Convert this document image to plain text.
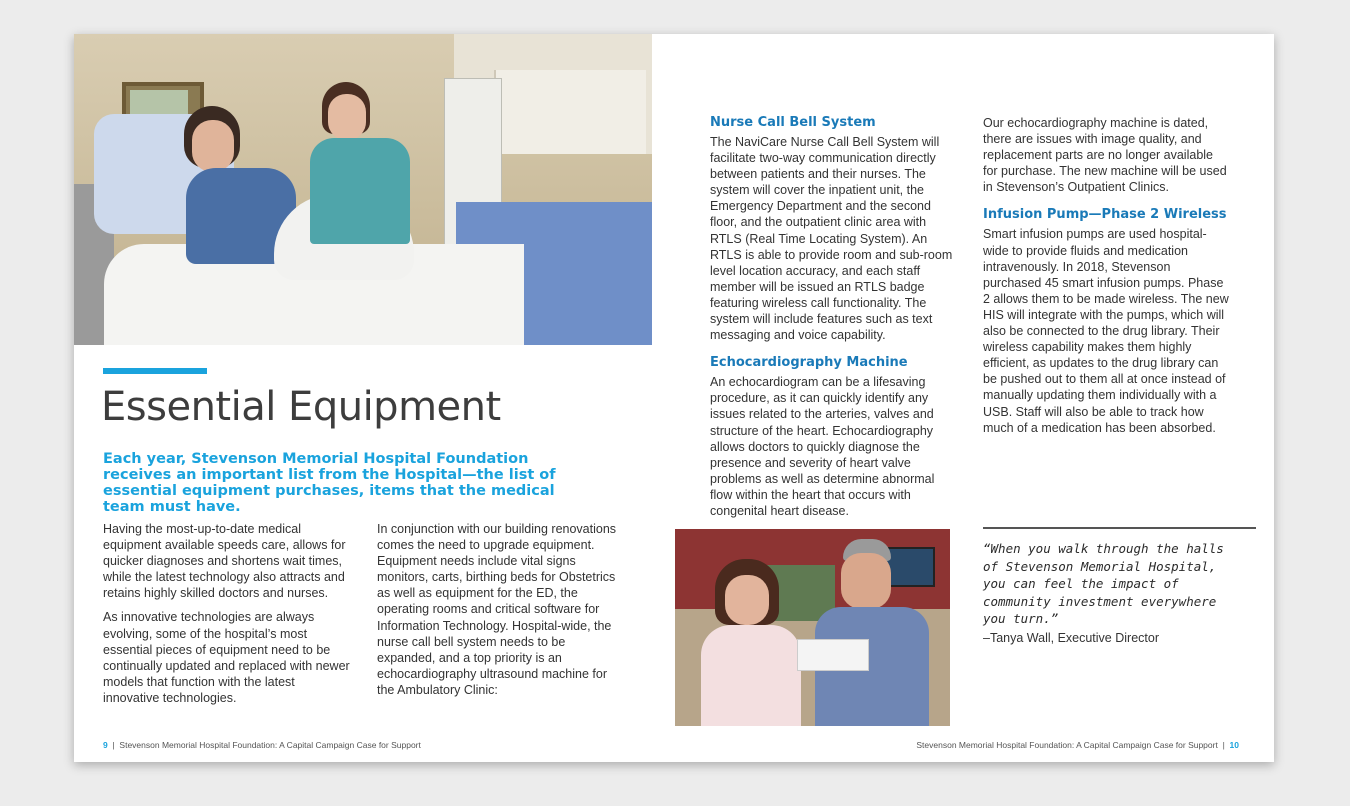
Essential Equipment

Each year, Stevenson Memorial Hospital Foundation receives an important list from the Hospital—the list of essential equipment purchases, items that the medical team must have.

Having the most-up-to-date medical equipment available speeds care, allows for quicker diagnoses and shortens wait times, while the latest technology also attracts and retains highly skilled doctors and nurses.

As innovative technologies are always evolving, some of the hospital’s most essential pieces of equipment need to be continually updated and replaced with newer models that function with the latest innovative technologies.

In conjunction with our building renovations comes the need to upgrade equipment. Equipment needs include vital signs monitors, carts, birthing beds for Obstetrics as well as equipment for the ED, the operating rooms and critical software for Information Technology. Hospital-wide, the nurse call bell system needs to be expanded, and a top priority is an echocardiography ultrasound machine for the Ambulatory Clinic:

9 | Stevenson Memorial Hospital Foundation: A Capital Campaign Case for Support
Nurse Call Bell System

The NaviCare Nurse Call Bell System will facilitate two-way communication directly between patients and their nurses. The system will cover the inpatient unit, the Emergency Department and the second floor, and the outpatient clinic area with RTLS (Real Time Locating System). An RTLS is able to provide room and sub-room level location accuracy, and each staff member will be issued an RTLS badge featuring wireless call functionality. The system will include features such as text messaging and voice capability.

Echocardiography Machine

An echocardiogram can be a lifesaving procedure, as it can quickly identify any issues related to the arteries, valves and structure of the heart. Echocardiography allows doctors to quickly diagnose the presence and severity of heart valve problems as well as determine abnormal flow within the heart that occurs with congenital heart disease.

Our echocardiography machine is dated, there are issues with image quality, and replacement parts are no longer available for purchase. The new machine will be used in Stevenson’s Outpatient Clinics.

Infusion Pump—Phase 2 Wireless

Smart infusion pumps are used hospital-wide to provide fluids and medication intravenously. In 2018, Stevenson purchased 45 smart infusion pumps. Phase 2 allows them to be made wireless. The new HIS will integrate with the pumps, which will also be connected to the drug library. Their wireless capability makes them highly efficient, as updates to the drug library can be pushed out to them all at once instead of manually updating them individually with a USB. Staff will also be able to track how much of a medication has been absorbed.

“When you walk through the halls of Stevenson Memorial Hospital, you can feel the impact of community investment everywhere you turn.”

–Tanya Wall, Executive Director
Stevenson Memorial Hospital Foundation: A Capital Campaign Case for Support | 10
